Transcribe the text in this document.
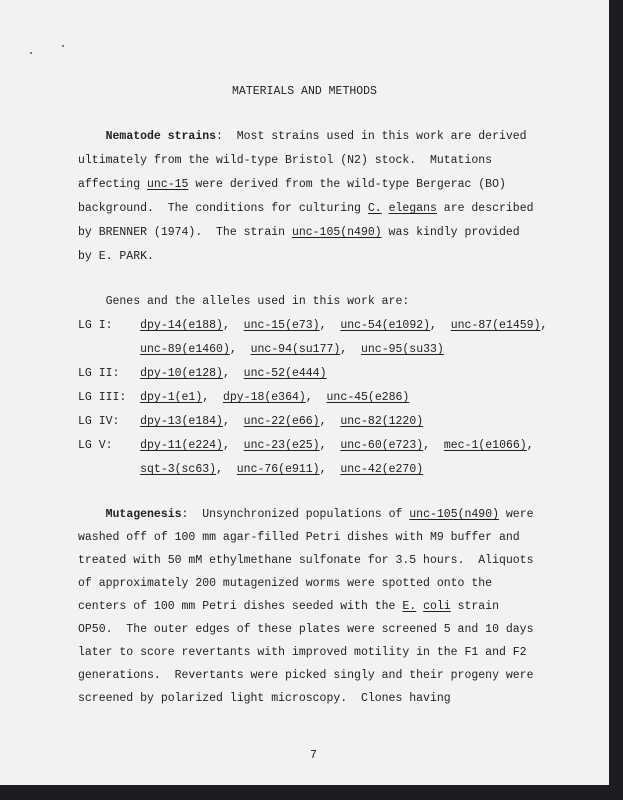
MATERIALS AND METHODS
Nematode strains:  Most strains used in this work are derived
ultimately from the wild-type Bristol (N2) stock.  Mutations
affecting unc-15 were derived from the wild-type Bergerac (BO)
background.  The conditions for culturing C. elegans are described
by BRENNER (1974).  The strain unc-105(n490) was kindly provided
by E. PARK.
Genes and the alleles used in this work are:
LG I:    dpy-14(e188),  unc-15(e73),  unc-54(e1092),  unc-87(e1459),
unc-89(e1460),  unc-94(su177),  unc-95(su33)
LG II:   dpy-10(e128),  unc-52(e444)
LG III:  dpy-1(e1),  dpy-18(e364),  unc-45(e286)
LG IV:   dpy-13(e184),  unc-22(e66),  unc-82(1220)
LG V:    dpy-11(e224),  unc-23(e25),  unc-60(e723),  mec-1(e1066),
sqt-3(sc63),  unc-76(e911),  unc-42(e270)
Mutagenesis:  Unsynchronized populations of unc-105(n490) were
washed off of 100 mm agar-filled Petri dishes with M9 buffer and
treated with 50 mM ethylmethane sulfonate for 3.5 hours.  Aliquots
of approximately 200 mutagenized worms were spotted onto the
centers of 100 mm Petri dishes seeded with the E. coli strain
OP50.  The outer edges of these plates were screened 5 and 10 days
later to score revertants with improved motility in the F1 and F2
generations.  Revertants were picked singly and their progeny were
screened by polarized light microscopy.  Clones having
7
